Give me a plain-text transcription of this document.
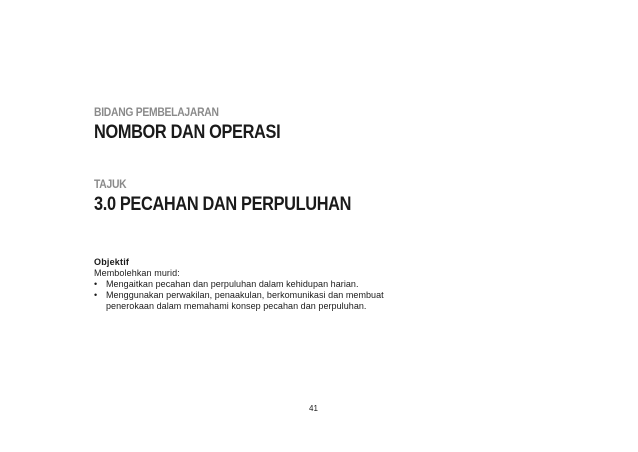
BIDANG PEMBELAJARAN
NOMBOR DAN OPERASI
TAJUK
3.0 PECAHAN DAN PERPULUHAN
Objektif
Membolehkan murid:
• Mengaitkan pecahan dan perpuluhan dalam kehidupan harian.
• Menggunakan perwakilan, penaakulan, berkomunikasi dan membuat penerokaan dalam memahami konsep pecahan dan perpuluhan.
41
